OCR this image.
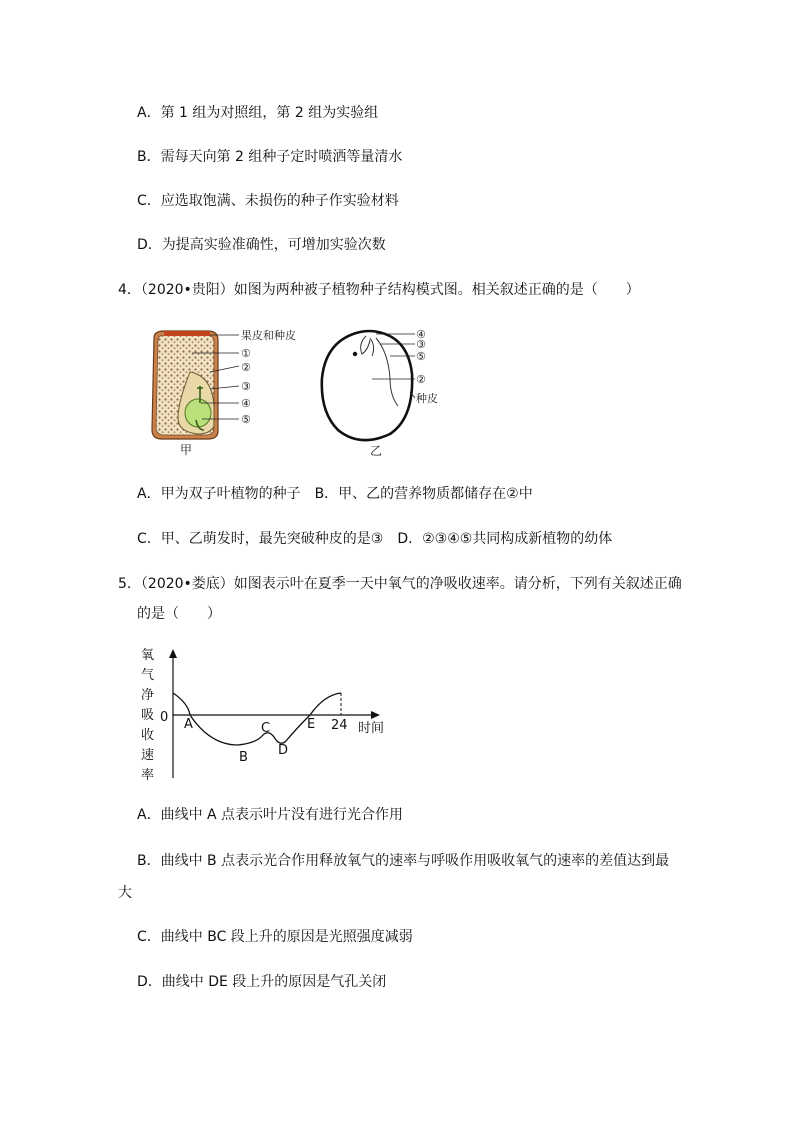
A．第 1 组为对照组，第 2 组为实验组
B．需每天向第 2 组种子定时喷洒等量清水
C．应选取饱满、未损伤的种子作实验材料
D．为提高实验准确性，可增加实验次数
4．（2020•贵阳）如图为两种被子植物种子结构模式图。相关叙述正确的是（　　）
果皮和种皮
①
②
③
④
⑤
甲
④
③
⑤
②
种皮
乙
A．甲为双子叶植物的种子　B．甲、乙的营养物质都储存在②中
C．甲、乙萌发时，最先突破种皮的是③　D．②③④⑤共同构成新植物的幼体
5．（2020•娄底）如图表示叶在夏季一天中氧气的净吸收速率。请分析，下列有关叙述正确
的是（　　）
氧
气
净
吸
收
速
率
0 A
B
C
D
E 24 时间
A．曲线中 A 点表示叶片没有进行光合作用
B．曲线中 B 点表示光合作用释放氧气的速率与呼吸作用吸收氧气的速率的差值达到最
大
C．曲线中 BC 段上升的原因是光照强度减弱
D．曲线中 DE 段上升的原因是气孔关闭
